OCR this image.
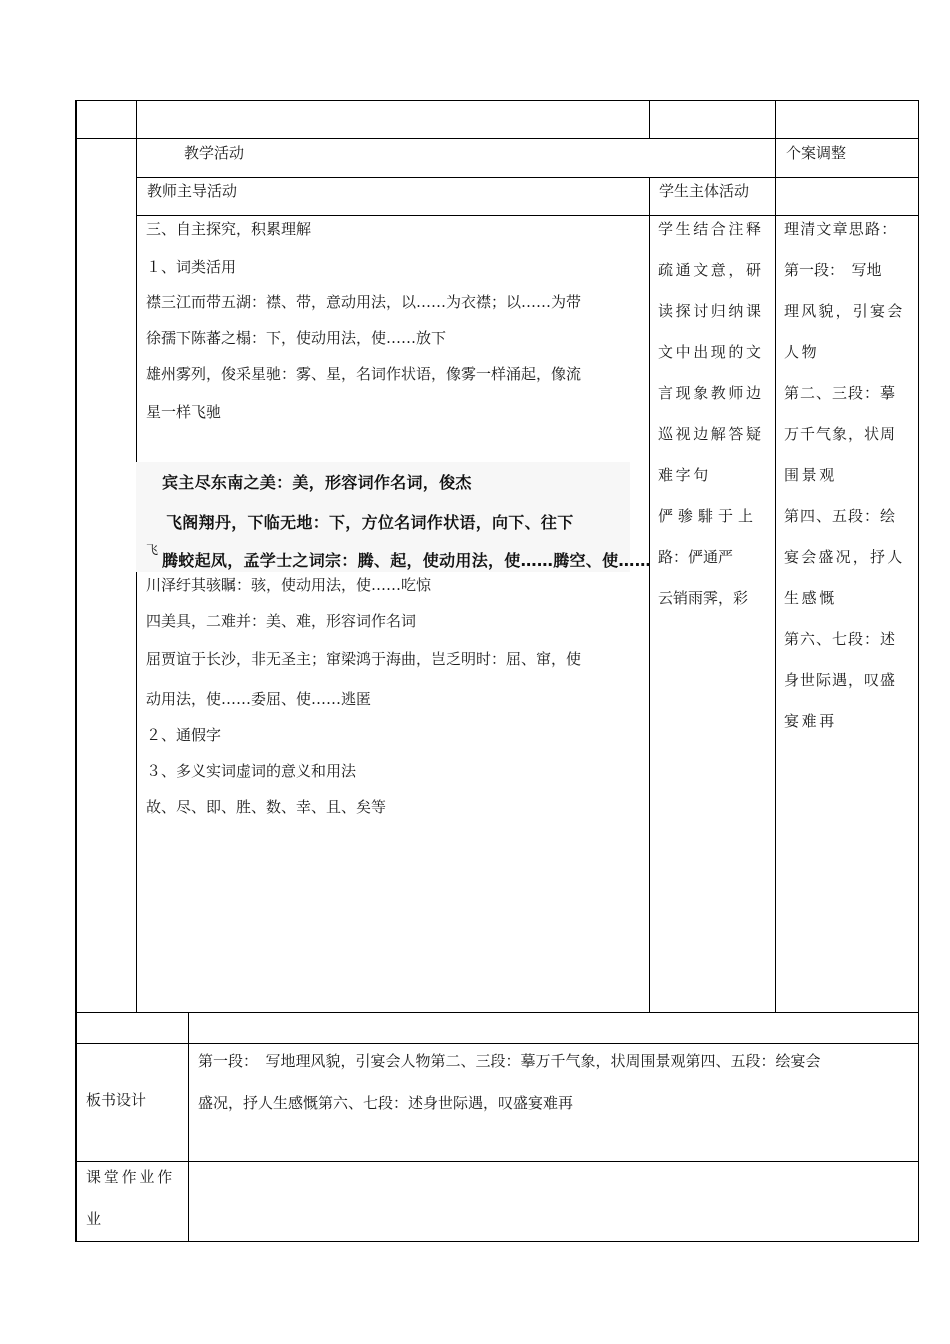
教学活动	个案调整
教师主导活动	学生主体活动
三、自主探究，积累理解
１、词类活用
襟三江而带五湖：襟、带，意动用法，以……为衣襟；以……为带
徐孺下陈蕃之榻：下，使动用法，使……放下
雄州雾列，俊采星驰：雾、星，名词作状语，像雾一样涌起，像流
星一样飞驰
宾主尽东南之美：美，形容词作名词，俊杰
飞阁翔丹，下临无地：下，方位名词作状语，向下、往下
腾蛟起凤，孟学士之词宗：腾、起，使动用法，使……腾空、使……
飞
川泽纡其骇瞩：骇，使动用法，使……吃惊
四美具，二难并：美、难，形容词作名词
屈贾谊于长沙，非无圣主；窜梁鸿于海曲，岂乏明时：屈、窜，使
动用法，使……委屈、使……逃匿
２、通假字
３、多义实词虚词的意义和用法
故、尽、即、胜、数、幸、且、矣等
学生结合注释
疏通文意，研
读探讨归纳课
文中出现的文
言现象教师边
巡视边解答疑
难字句
俨骖騑于上
路：俨通严
云销雨霁，彩
理清文章思路：
第一段：　写地
理风貌，引宴会
人物
第二、三段：摹
万千气象，状周
围景观
第四、五段：绘
宴会盛况，抒人
生感慨
第六、七段：述
身世际遇，叹盛
宴难再
板书设计
第一段：　写地理风貌，引宴会人物第二、三段：摹万千气象，状周围景观第四、五段：绘宴会
盛况，抒人生感慨第六、七段：述身世际遇，叹盛宴难再
课堂作业作
业
